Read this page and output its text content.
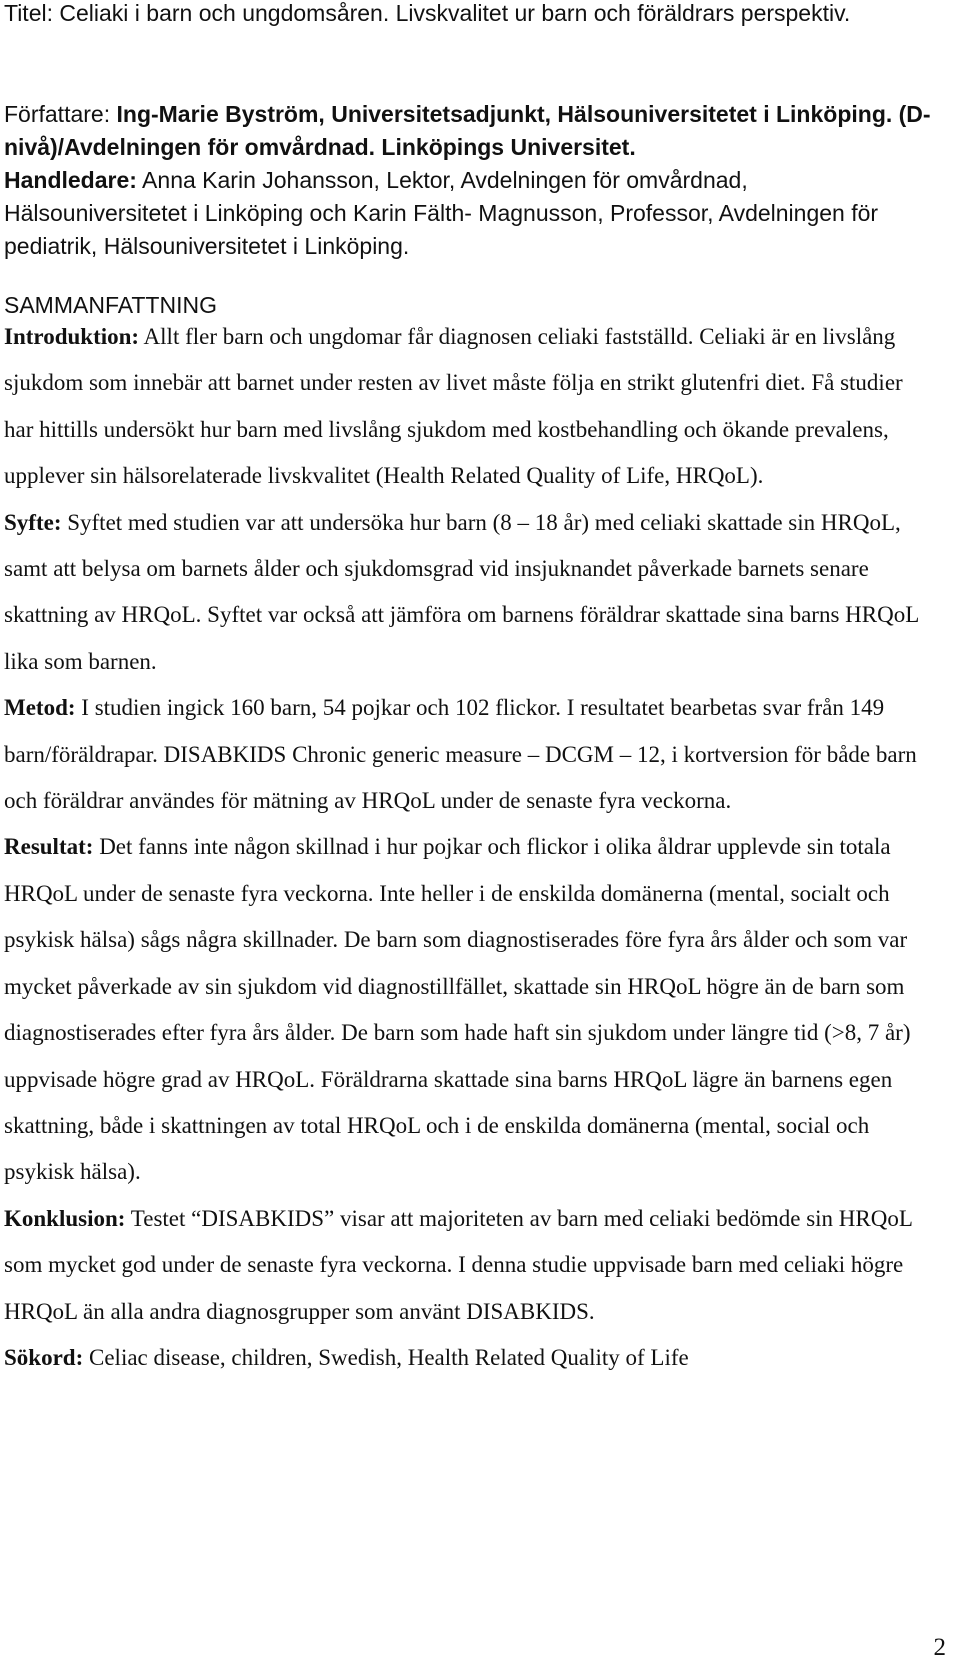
Titel: Celiaki i barn och ungdomsåren. Livskvalitet ur barn och föräldrars perspektiv.

Författare: Ing-Marie Byström, Universitetsadjunkt, Hälsouniversitetet i Linköping. (D-nivå)/Avdelningen för omvårdnad. Linköpings Universitet.
Handledare: Anna Karin Johansson, Lektor, Avdelningen för omvårdnad, Hälsouniversitetet i Linköping och Karin Fälth- Magnusson, Professor, Avdelningen för pediatrik, Hälsouniversitetet i Linköping.

SAMMANFATTNING

Introduktion: Allt fler barn och ungdomar får diagnosen celiaki fastställd. Celiaki är en livslång sjukdom som innebär att barnet under resten av livet måste följa en strikt glutenfri diet. Få studier har hittills undersökt hur barn med livslång sjukdom med kostbehandling och ökande prevalens, upplever sin hälsorelaterade livskvalitet (Health Related Quality of Life, HRQoL).
Syfte: Syftet med studien var att undersöka hur barn (8 – 18 år) med celiaki skattade sin HRQoL, samt att belysa om barnets ålder och sjukdomsgrad vid insjuknandet påverkade barnets senare skattning av HRQoL. Syftet var också att jämföra om barnens föräldrar skattade sina barns HRQoL lika som barnen.
Metod: I studien ingick 160 barn, 54 pojkar och 102 flickor. I resultatet bearbetas svar från 149 barn/föräldrapar. DISABKIDS Chronic generic measure – DCGM – 12, i kortversion för både barn och föräldrar användes för mätning av HRQoL under de senaste fyra veckorna.
Resultat: Det fanns inte någon skillnad i hur pojkar och flickor i olika åldrar upplevde sin totala HRQoL under de senaste fyra veckorna. Inte heller i de enskilda domänerna (mental, socialt och psykisk hälsa) sågs några skillnader. De barn som diagnostiserades före fyra års ålder och som var mycket påverkade av sin sjukdom vid diagnostillfället, skattade sin HRQoL högre än de barn som diagnostiserades efter fyra års ålder. De barn som hade haft sin sjukdom under längre tid (>8, 7 år) uppvisade högre grad av HRQoL. Föräldrarna skattade sina barns HRQoL lägre än barnens egen skattning, både i skattningen av total HRQoL och i de enskilda domänerna (mental, social och psykisk hälsa).
Konklusion: Testet “DISABKIDS” visar att majoriteten av barn med celiaki bedömde sin HRQoL som mycket god under de senaste fyra veckorna. I denna studie uppvisade barn med celiaki högre HRQoL än alla andra diagnosgrupper som använt DISABKIDS.
Sökord: Celiac disease, children, Swedish, Health Related Quality of Life
2
